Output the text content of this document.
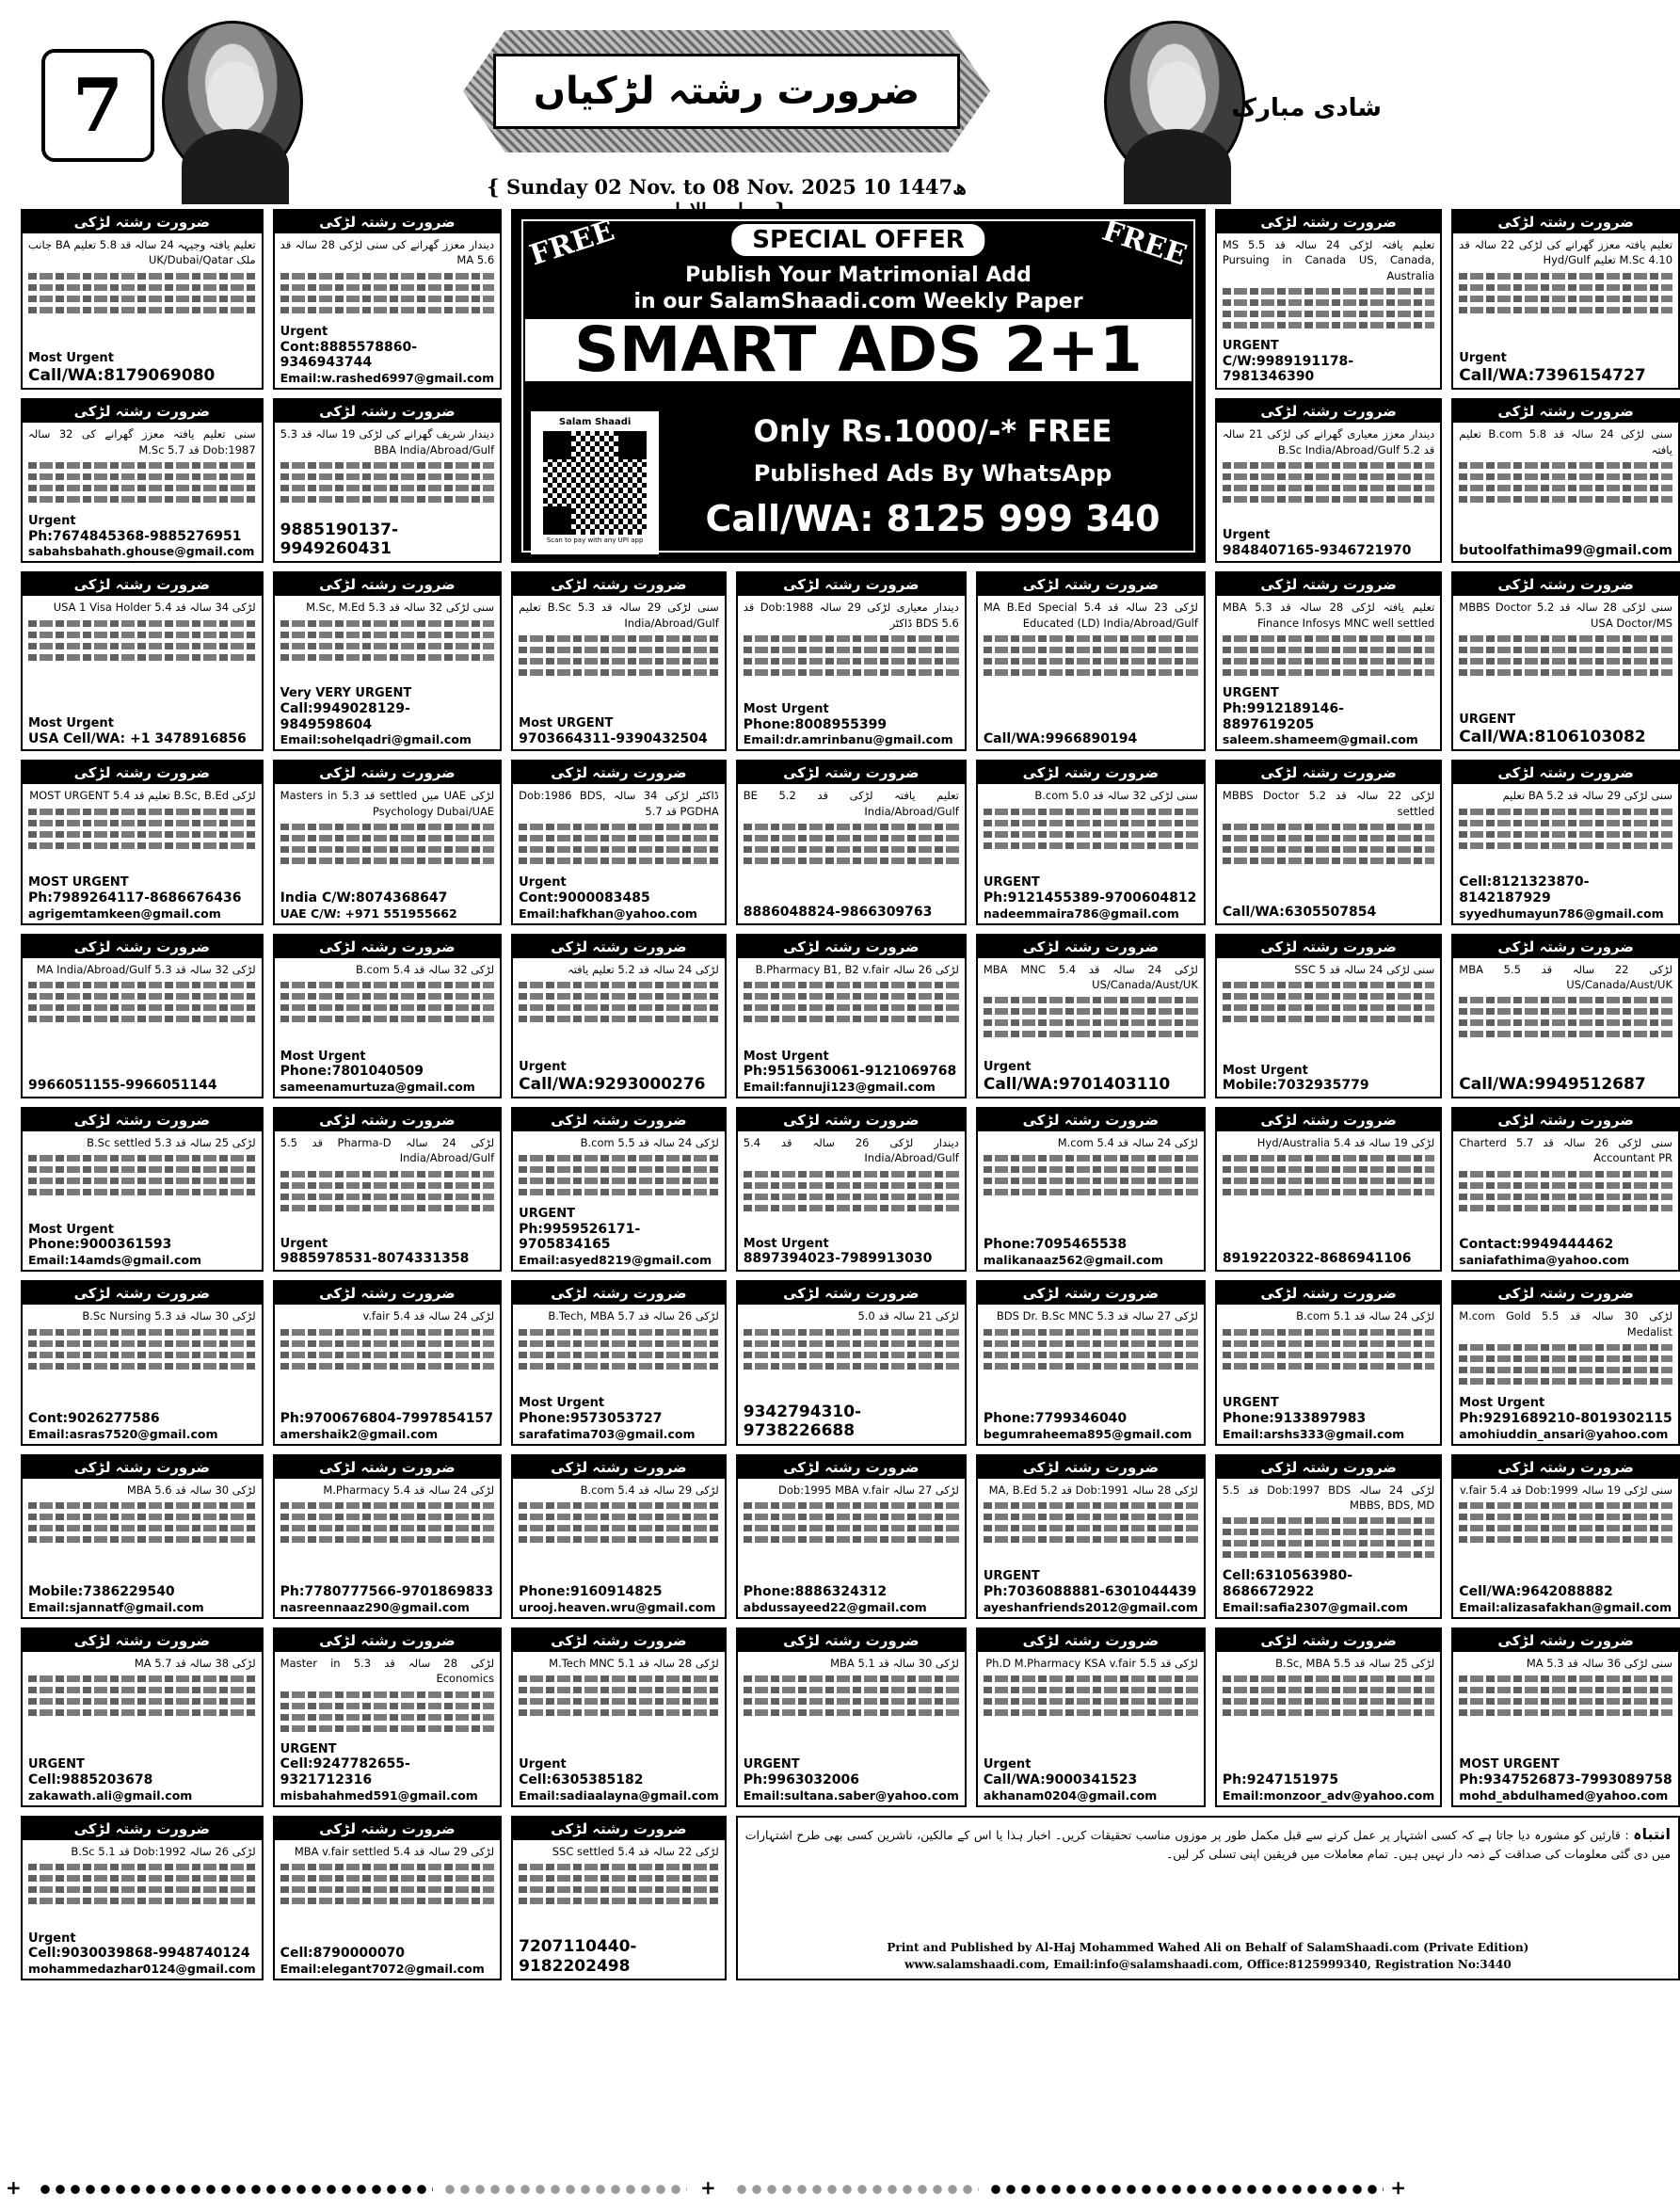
7	ضرورت رشتہ لڑکیاں	شادی مبارک
{ Sunday 02 Nov. to 08 Nov. 2025 ھ1447 10
FREE	FREE
SPECIAL OFFER
Publish Your Matrimonial Add
in our SalamShaadi.com Weekly Paper
SMART ADS 2+1
Salam Shaadi
Scan to pay with any UPI app
Only Rs.1000/-* FREE
Published Ads By WhatsApp
Call/WA: 8125 999 340
انتباہ : قارئین کو مشورہ دیا جاتا ہے کہ کسی اشتہار پر عمل کرنے سے قبل مکمل طور پر موزوں مناسب تحقیقات کریں۔ اخبار ہذا یا اس کے مالکین، ناشرین کسی بھی طرح اشتہارات میں دی گئی معلومات کی صداقت کے ذمہ دار نہیں ہیں۔ تمام معاملات میں فریقین اپنی تسلی کر لیں۔
Print and Published by Al-Haj Mohammed Wahed Ali on Behalf of SalamShaadi.com (Private Edition)
www.salamshaadi.com, Email:info@salamshaadi.com, Office:8125999340, Registration No:3440
ضرورت رشتہ لڑکی
تعلیم یافتہ وجیہہ 24 سالہ قد 5.8 تعلیم BA جانب ملک UK/Dubai/Qatar
Most Urgent
Call/WA:8179069080
ضرورت رشتہ لڑکی
دیندار معزز گھرانے کی سنی لڑکی 28 سالہ قد 5.6 MA
Urgent
Cont:8885578860-9346943744
Email:w.rashed6997@gmail.com
ضرورت رشتہ لڑکی
تعلیم یافتہ لڑکی 24 سالہ قد 5.5 MS Pursuing in Canada US, Canada, Australia
URGENT
C/W:9989191178-7981346390
ضرورت رشتہ لڑکی
تعلیم یافتہ معزز گھرانے کی لڑکی 22 سالہ قد 4.10 M.Sc تعلیم Hyd/Gulf
Urgent
Call/WA:7396154727
ضرورت رشتہ لڑکی
سنی تعلیم یافتہ معزز گھرانے کی 32 سالہ Dob:1987 قد 5.7 M.Sc
Urgent
Ph:7674845368-9885276951
sabahsbahath.ghouse@gmail.com
ضرورت رشتہ لڑکی
دیندار شریف گھرانے کی لڑکی 19 سالہ قد 5.3 BBA India/Abroad/Gulf
9885190137-9949260431
ضرورت رشتہ لڑکی
دیندار معزز معیاری گھرانے کی لڑکی 21 سالہ قد 5.2 B.Sc India/Abroad/Gulf
Urgent
9848407165-9346721970
ضرورت رشتہ لڑکی
سنی لڑکی 24 سالہ قد 5.8 B.com تعلیم یافتہ
butoolfathima99@gmail.com
ضرورت رشتہ لڑکی
لڑکی 34 سالہ قد 5.4 USA 1 Visa Holder
Most Urgent
USA Cell/WA: +1 3478916856
ضرورت رشتہ لڑکی
سنی لڑکی 32 سالہ قد 5.3 M.Sc, M.Ed
Very VERY URGENT
Call:9949028129-9849598604
Email:sohelqadri@gmail.com
ضرورت رشتہ لڑکی
سنی لڑکی 29 سالہ قد 5.3 B.Sc تعلیم India/Abroad/Gulf
Most URGENT
9703664311-9390432504
ضرورت رشتہ لڑکی
دیندار معیاری لڑکی 29 سالہ Dob:1988 قد 5.6 BDS ڈاکٹر
Most Urgent
Phone:8008955399
Email:dr.amrinbanu@gmail.com
ضرورت رشتہ لڑکی
لڑکی 23 سالہ قد 5.4 MA B.Ed Special Educated (LD) India/Abroad/Gulf
Call/WA:9966890194
ضرورت رشتہ لڑکی
تعلیم یافتہ لڑکی 28 سالہ قد 5.3 MBA Finance Infosys MNC well settled
URGENT
Ph:9912189146-8897619205
saleem.shameem@gmail.com
ضرورت رشتہ لڑکی
سنی لڑکی 28 سالہ قد 5.2 MBBS Doctor USA Doctor/MS
URGENT
Call/WA:8106103082
ضرورت رشتہ لڑکی
لڑکی B.Sc, B.Ed تعلیم قد 5.4 MOST URGENT
MOST URGENT
Ph:7989264117-8686676436
agrigemtamkeen@gmail.com
ضرورت رشتہ لڑکی
لڑکی UAE میں settled قد 5.3 Masters in Psychology Dubai/UAE
India C/W:8074368647
UAE C/W: +971 551955662
ضرورت رشتہ لڑکی
ڈاکٹر لڑکی 34 سالہ Dob:1986 BDS, PGDHA قد 5.7
Urgent
Cont:9000083485
Email:hafkhan@yahoo.com
ضرورت رشتہ لڑکی
تعلیم یافتہ لڑکی قد 5.2 BE India/Abroad/Gulf
8886048824-9866309763
ضرورت رشتہ لڑکی
سنی لڑکی 32 سالہ قد 5.0 B.com
URGENT
Ph:9121455389-9700604812
nadeemmaira786@gmail.com
ضرورت رشتہ لڑکی
لڑکی 22 سالہ قد 5.2 MBBS Doctor settled
Call/WA:6305507854
ضرورت رشتہ لڑکی
سنی لڑکی 29 سالہ قد 5.2 BA تعلیم
Cell:8121323870-8142187929
syyedhumayun786@gmail.com
ضرورت رشتہ لڑکی
لڑکی 32 سالہ قد 5.3 MA India/Abroad/Gulf
9966051155-9966051144
ضرورت رشتہ لڑکی
لڑکی 32 سالہ قد 5.4 B.com
Most Urgent
Phone:7801040509
sameenamurtuza@gmail.com
ضرورت رشتہ لڑکی
لڑکی 24 سالہ قد 5.2 تعلیم یافتہ
Urgent
Call/WA:9293000276
ضرورت رشتہ لڑکی
لڑکی 26 سالہ B.Pharmacy B1, B2 v.fair
Most Urgent
Ph:9515630061-9121069768
Email:fannuji123@gmail.com
ضرورت رشتہ لڑکی
لڑکی 24 سالہ قد 5.4 MBA MNC US/Canada/Aust/UK
Urgent
Call/WA:9701403110
ضرورت رشتہ لڑکی
سنی لڑکی 24 سالہ قد 5 SSC
Most Urgent
Mobile:7032935779
ضرورت رشتہ لڑکی
لڑکی 22 سالہ قد 5.5 MBA US/Canada/Aust/UK
Call/WA:9949512687
ضرورت رشتہ لڑکی
لڑکی 25 سالہ قد 5.3 B.Sc settled
Most Urgent
Phone:9000361593
Email:14amds@gmail.com
ضرورت رشتہ لڑکی
لڑکی 24 سالہ Pharma-D قد 5.5 India/Abroad/Gulf
Urgent
9885978531-8074331358
ضرورت رشتہ لڑکی
لڑکی 24 سالہ قد 5.5 B.com
URGENT
Ph:9959526171-9705834165
Email:asyed8219@gmail.com
ضرورت رشتہ لڑکی
دیندار لڑکی 26 سالہ قد 5.4 India/Abroad/Gulf
Most Urgent
8897394023-7989913030
ضرورت رشتہ لڑکی
لڑکی 24 سالہ قد 5.4 M.com
Phone:7095465538
malikanaaz562@gmail.com
ضرورت رشتہ لڑکی
لڑکی 19 سالہ قد 5.4 Hyd/Australia
8919220322-8686941106
ضرورت رشتہ لڑکی
سنی لڑکی 26 سالہ قد 5.7 Charterd Accountant PR
Contact:9949444462
saniafathima@yahoo.com
ضرورت رشتہ لڑکی
لڑکی 30 سالہ قد 5.3 B.Sc Nursing
Cont:9026277586
Email:asras7520@gmail.com
ضرورت رشتہ لڑکی
لڑکی 24 سالہ قد 5.4 v.fair
Ph:9700676804-7997854157
amershaik2@gmail.com
ضرورت رشتہ لڑکی
لڑکی 26 سالہ قد 5.7 B.Tech, MBA
Most Urgent
Phone:9573053727
sarafatima703@gmail.com
ضرورت رشتہ لڑکی
لڑکی 21 سالہ قد 5.0
9342794310-9738226688
ضرورت رشتہ لڑکی
لڑکی 27 سالہ قد 5.3 BDS Dr. B.Sc MNC
Phone:7799346040
begumraheema895@gmail.com
ضرورت رشتہ لڑکی
لڑکی 24 سالہ قد 5.1 B.com
URGENT
Phone:9133897983
Email:arshs333@gmail.com
ضرورت رشتہ لڑکی
لڑکی 30 سالہ قد 5.5 M.com Gold Medalist
Most Urgent
Ph:9291689210-8019302115
amohiuddin_ansari@yahoo.com
ضرورت رشتہ لڑکی
لڑکی 30 سالہ قد 5.6 MBA
Mobile:7386229540
Email:sjannatf@gmail.com
ضرورت رشتہ لڑکی
لڑکی 24 سالہ قد 5.4 M.Pharmacy
Ph:7780777566-9701869833
nasreennaaz290@gmail.com
ضرورت رشتہ لڑکی
لڑکی 29 سالہ قد 5.4 B.com
Phone:9160914825
urooj.heaven.wru@gmail.com
ضرورت رشتہ لڑکی
لڑکی 27 سالہ Dob:1995 MBA v.fair
Phone:8886324312
abdussayeed22@gmail.com
ضرورت رشتہ لڑکی
لڑکی 28 سالہ Dob:1991 قد 5.2 MA, B.Ed
URGENT
Ph:7036088881-6301044439
ayeshanfriends2012@gmail.com
ضرورت رشتہ لڑکی
لڑکی 24 سالہ Dob:1997 BDS قد 5.5 MBBS, BDS, MD
Cell:6310563980-8686672922
Email:safia2307@gmail.com
ضرورت رشتہ لڑکی
سنی لڑکی 19 سالہ Dob:1999 قد 5.4 v.fair
Cell/WA:9642088882
Email:alizasafakhan@gmail.com
ضرورت رشتہ لڑکی
لڑکی 38 سالہ قد 5.7 MA
URGENT
Cell:9885203678
zakawath.ali@gmail.com
ضرورت رشتہ لڑکی
لڑکی 28 سالہ قد 5.3 Master in Economics
URGENT
Cell:9247782655-9321712316
misbahahmed591@gmail.com
ضرورت رشتہ لڑکی
لڑکی 28 سالہ قد 5.1 M.Tech MNC
Urgent
Cell:6305385182
Email:sadiaalayna@gmail.com
ضرورت رشتہ لڑکی
لڑکی 30 سالہ قد 5.1 MBA
URGENT
Ph:9963032006
Email:sultana.saber@yahoo.com
ضرورت رشتہ لڑکی
لڑکی قد 5.5 Ph.D M.Pharmacy KSA v.fair
Urgent
Call/WA:9000341523
akhanam0204@gmail.com
ضرورت رشتہ لڑکی
لڑکی 25 سالہ قد 5.5 B.Sc, MBA
Ph:9247151975
Email:monzoor_adv@yahoo.com
ضرورت رشتہ لڑکی
سنی لڑکی 36 سالہ قد 5.3 MA
MOST URGENT
Ph:9347526873-7993089758
mohd_abdulhamed@yahoo.com
ضرورت رشتہ لڑکی
لڑکی 26 سالہ Dob:1992 قد 5.1 B.Sc
Urgent
Cell:9030039868-9948740124
mohammedazhar0124@gmail.com
ضرورت رشتہ لڑکی
لڑکی 29 سالہ قد 5.4 MBA v.fair settled
Cell:8790000070
Email:elegant7072@gmail.com
ضرورت رشتہ لڑکی
لڑکی 22 سالہ قد 5.4 SSC settled
7207110440-9182202498
+	+	+
